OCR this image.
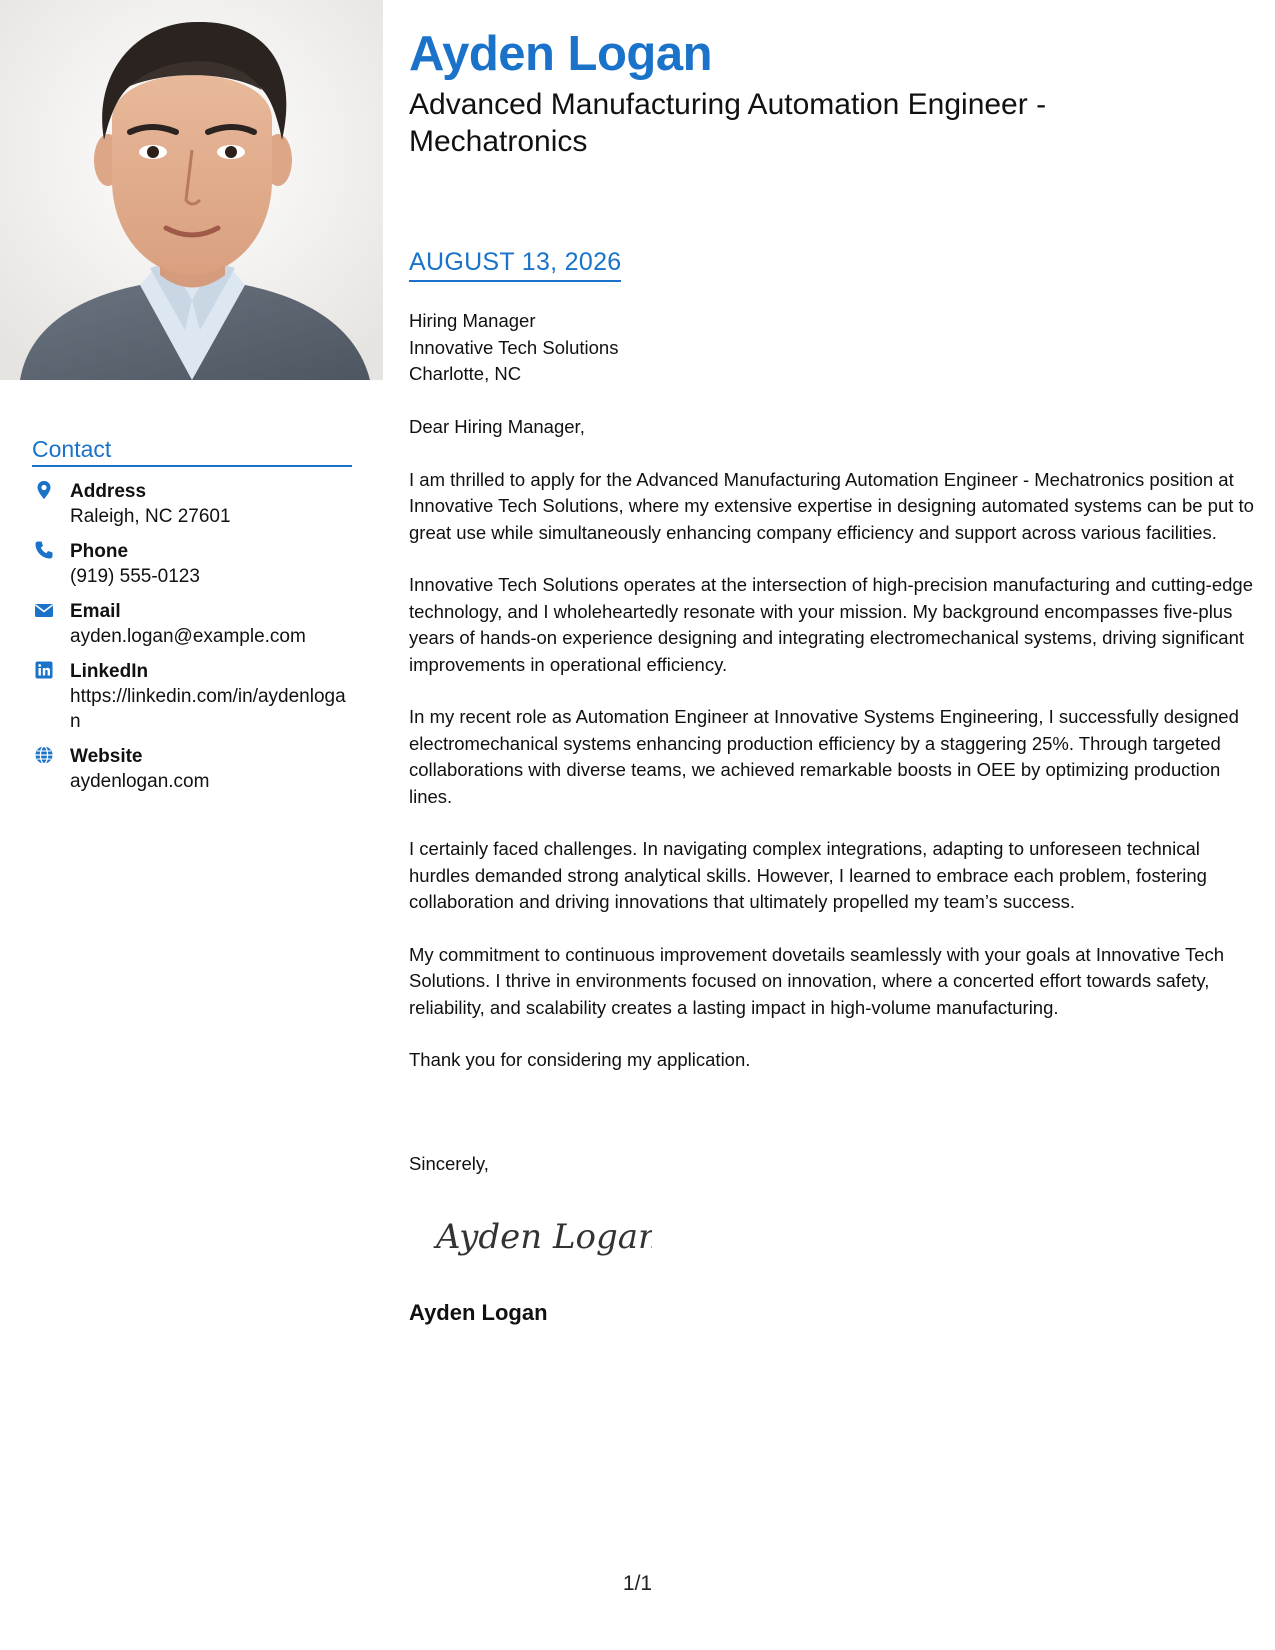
Contact
Address
Raleigh, NC 27601
Phone
(919) 555-0123
Email
ayden.logan@example.com
LinkedIn
https://linkedin.com/in/aydenlogan
Website
aydenlogan.com
Ayden Logan
Advanced Manufacturing Automation Engineer - Mechatronics
AUGUST 13, 2026
Hiring Manager
Innovative Tech Solutions
Charlotte, NC

Dear Hiring Manager,

I am thrilled to apply for the Advanced Manufacturing Automation Engineer - Mechatronics position at Innovative Tech Solutions, where my extensive expertise in designing automated systems can be put to great use while simultaneously enhancing company efficiency and support across various facilities.

Innovative Tech Solutions operates at the intersection of high-precision manufacturing and cutting-edge technology, and I wholeheartedly resonate with your mission. My background encompasses five-plus years of hands-on experience designing and integrating electromechanical systems, driving significant improvements in operational efficiency.

In my recent role as Automation Engineer at Innovative Systems Engineering, I successfully designed electromechanical systems enhancing production efficiency by a staggering 25%. Through targeted collaborations with diverse teams, we achieved remarkable boosts in OEE by optimizing production lines.

I certainly faced challenges. In navigating complex integrations, adapting to unforeseen technical hurdles demanded strong analytical skills. However, I learned to embrace each problem, fostering collaboration and driving innovations that ultimately propelled my team’s success.

My commitment to continuous improvement dovetails seamlessly with your goals at Innovative Tech Solutions. I thrive in environments focused on innovation, where a concerted effort towards safety, reliability, and scalability creates a lasting impact in high-volume manufacturing.

Thank you for considering my application.

Sincerely,
Ayden Logan
Ayden Logan
1/1
